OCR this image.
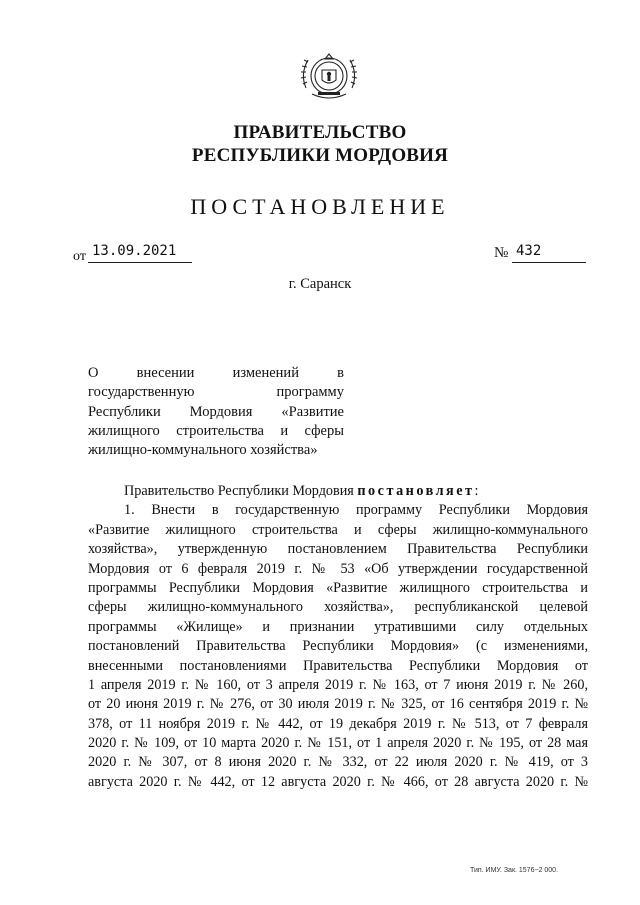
ПРАВИТЕЛЬСТВО
РЕСПУБЛИКИ МОРДОВИЯ
ПОСТАНОВЛЕНИЕ
от 13.09.2021	№ 432
г. Саранск
О внесении изменений в
государственную программу
Республики Мордовия «Развитие
жилищного строительства и сферы
жилищно-коммунального хозяйства»
Правительство Республики Мордовия постановляет:
1. Внести в государственную программу Республики Мордовия
«Развитие жилищного строительства и сферы жилищно-коммунального
хозяйства», утвержденную постановлением Правительства Республики
Мордовия от 6 февраля 2019 г. № 53 «Об утверждении государственной
программы Республики Мордовия «Развитие жилищного строительства и
сферы жилищно-коммунального хозяйства», республиканской целевой
программы «Жилище» и признании утратившими силу отдельных
постановлений Правительства Республики Мордовия» (с изменениями,
внесенными постановлениями Правительства Республики Мордовия от
1 апреля 2019 г. № 160, от 3 апреля 2019 г. № 163, от 7 июня 2019 г. № 260,
от 20 июня 2019 г. № 276, от 30 июля 2019 г. № 325, от 16 сентября 2019 г. №
378, от 11 ноября 2019 г. № 442, от 19 декабря 2019 г. № 513, от 7 февраля
2020 г. № 109, от 10 марта 2020 г. № 151, от 1 апреля 2020 г. № 195, от 28 мая
2020 г. № 307, от 8 июня 2020 г. № 332, от 22 июля 2020 г. № 419, от 3
августа 2020 г. № 442, от 12 августа 2020 г. № 466, от 28 августа 2020 г. №
Тип. ИМУ. Зак. 1576−2 000.
